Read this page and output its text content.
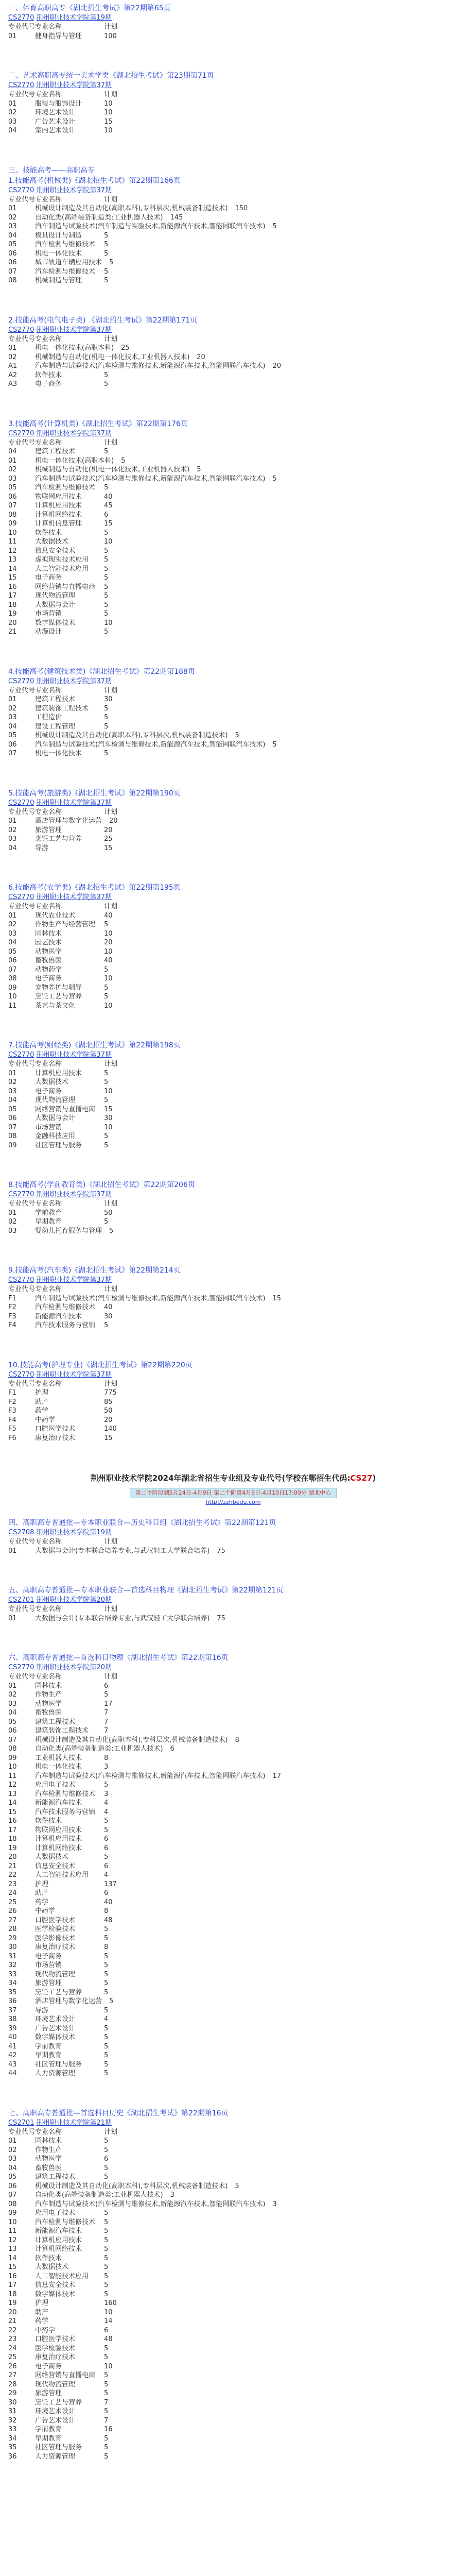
一、体育高职高专《湖北招生考试》第22期第65页
CS2770 荆州职业技术学院第19期
专业代号 专业名称	计划
01	健身指导与管理	100
二、艺术高职高专统一美术学类《湖北招生考试》第23期第71页
CS2770 荆州职业技术学院第37期
专业代号 专业名称	计划
01	服装与服饰设计	10
02	环境艺术设计	10
03	广告艺术设计	15
04	室内艺术设计	10
三、技能高考——高职高专
1.技能高考(机械类)《湖北招生考试》第22期第166页
CS2770 荆州职业技术学院第37期
专业代号 专业名称	计划
01	机械设计制造及其自动化(高职本科),专科层次,机械装备制造技术) 150
02	自动化类(高端装备制造类:工业机器人技术) 145
03	汽车制造与试验技术(汽车制造与实验技术,新能源汽车技术,智能网联汽车技术) 5
04	模具设计与制造	5
05	汽车检测与维修技术 5
06	机电一体化技术	5
06	城市轨道车辆应用技术 5
07	汽车检测与维修技术 5
08	机械制造与管理	5
2.技能高考(电气电子类) 《湖北招生考试》第22期第171页
CS2770 荆州职业技术学院第37期
专业代号 专业名称	计划
01	机电一体化技术(高职本科) 25
02	机械制造与自动化(机电一体化技术,工业机器人技术) 20
A1	汽车制造与试验技术(汽车检测与维修技术,新能源汽车技术,智能网联汽车技术) 20
A2	软件技术	5
A3	电子商务	5
3.技能高考(计算机类)《湖北招生考试》第22期第176页
CS2770 荆州职业技术学院第37期
专业代号 专业名称	计划
04	建筑工程技术	5
01	机电一体化技术(高职本科) 5
02	机械制造与自动化(机电一体化技术,工业机器人技术) 5
03	汽车制造与试验技术(汽车检测与维修技术,新能源汽车技术,智能网联汽车技术) 5
05	汽车检测与维修技术 5
06	物联网应用技术	40
07	计算机应用技术	45
08	计算机网络技术	6
09	计算机信息管理	15
10	软件技术	5
11	大数据技术	10
12	信息安全技术	5
13	虚拟现实技术应用	5
14	人工智能技术应用	5
15	电子商务	5
16	网络营销与直播电商 5
17	现代物流管理	5
18	大数据与会计	5
19	市场营销	5
20	数字媒体技术	10
21	动漫设计	5
4.技能高考(建筑技术类)《湖北招生考试》第22期第188页
CS2770 荆州职业技术学院第37期
专业代号 专业名称	计划
01	建筑工程技术	30
02	建筑装饰工程技术	5
03	工程造价	5
04	建设工程管理	5
05	机械设计制造及其自动化(高职本科),专科层次,机械装备制造技术) 5
06	汽车制造与试验技术(汽车检测与维修技术,新能源汽车技术,智能网联汽车技术) 5
07	机电一体化技术	5
5.技能高考(旅游类)《湖北招生考试》第22期第190页
CS2770 荆州职业技术学院第37期
专业代号 专业名称	计划
01	酒店管理与数字化运营 20
02	旅游管理	20
03	烹饪工艺与营养	25
04	导游	15
6.技能高考(农学类)《湖北招生考试》第22期第195页
CS2770 荆州职业技术学院第37期
专业代号 专业名称	计划
01	现代农业技术	40
02	作物生产与经营管理 5
03	园林技术	10
04	园艺技术	20
05	动物医学	10
06	畜牧兽医	40
07	动物药学	5
08	电子商务	10
09	宠物养护与驯导	5
10	烹饪工艺与营养	5
11	茶艺与茶文化	10
7.技能高考(财经类)《湖北招生考试》第22期第198页
CS2770 荆州职业技术学院第37期
专业代号 专业名称	计划
01	计算机应用技术	5
02	大数据技术	5
03	电子商务	10
04	现代物流管理	5
05	网络营销与直播电商 15
06	大数据与会计	30
07	市场营销	10
08	金融科技应用	5
09	社区管理与服务	5
8.技能高考(学前教育类)《湖北招生考试》第22期第206页
CS2770 荆州职业技术学院第37期
专业代号 专业名称	计划
01	学前教育	50
02	早期教育	5
03	婴幼儿托育服务与管理 5
9.技能高考(汽车类)《湖北招生考试》第22期第214页
CS2770 荆州职业技术学院第37期
专业代号 专业名称	计划
F1	汽车制造与试验技术(汽车检测与维修技术,新能源汽车技术,智能网联汽车技术) 15
F2	汽车检测与维修技术 40
F3	新能源汽车技术	30
F4	汽车技术服务与营销 5
10.技能高考(护理专业)《湖北招生考试》第22期第220页
CS2770 荆州职业技术学院第37期
专业代号 专业名称	计划
F1	护理	775
F2	助产	85
F3	药学	50
F4	中药学	20
F5	口腔医学技术	140
F6	康复治疗技术	15
荆州职业技术学院2024年湖北省招生专业组及专业代号(学校在鄂招生代码:CS27)
第二个阶段到5月24日-4月9日 第二个阶段4月9日-4月10日17:00分 湖北中心 http://zzhbedu.com
四、高职高专普通批—专本职业联合—历史科目组《湖北招生考试》第22期第121页
CS2708 荆州职业技术学院第19期
专业代号 专业名称	计划
01	大数据与会计(专本联合培养专业,与武汉轻工大学联合培养) 75
五、高职高专普通批—专本职业联合—首选科目物理《湖北招生考试》第22期第121页
CS2701 荆州职业技术学院第20期
专业代号 专业名称	计划
01	大数据与会计(专本联合培养专业,与武汉轻工大学联合培养) 75
六、高职高专普通批—首选科目物理《湖北招生考试》第22期第16页
CS2770 荆州职业技术学院第20期
专业代号 专业名称	计划
01	园林技术	6
02	作物生产	5
03	动物医学	17
04	畜牧兽医	7
05	建筑工程技术	7
06	建筑装饰工程技术	7
07	机械设计制造及其自动化(高职本科),专科层次,机械装备制造技术) 8
08	自动化类(高端装备制造类:工业机器人技术) 6
09	工业机器人技术	8
10	机电一体化技术	3
11	汽车制造与试验技术(汽车检测与维修技术,新能源汽车技术,智能网联汽车技术) 17
12	应用电子技术	5
13	汽车检测与维修技术 3
14	新能源汽车技术	4
15	汽车技术服务与营销 4
16	软件技术	5
17	物联网应用技术	5
18	计算机应用技术	6
19	计算机网络技术	6
20	大数据技术	5
21	信息安全技术	6
22	人工智能技术应用	4
23	护理	137
24	助产	6
25	药学	40
26	中药学	8
27	口腔医学技术	48
28	医学检验技术	5
29	医学影像技术	5
30	康复治疗技术	8
31	电子商务	5
32	市场营销	5
33	现代物流管理	5
34	旅游管理	5
35	烹饪工艺与营养	5
36	酒店管理与数字化运营 5
37	导游	5
38	环境艺术设计	4
39	广告艺术设计	5
40	数字媒体技术	5
41	学前教育	5
42	早期教育	5
43	社区管理与服务	5
44	人力资源管理	5
七、高职高专普通批—首选科目历史《湖北招生考试》第22期第16页
CS2701 荆州职业技术学院第21期
专业代号 专业名称	计划
01	园林技术	5
02	作物生产	5
03	动物医学	6
04	畜牧兽医	5
05	建筑工程技术	5
06	机械设计制造及其自动化(高职本科),专科层次,机械装备制造技术) 5
07	自动化类(高端装备制造类:工业机器人技术) 3
08	汽车制造与试验技术(汽车检测与维修技术,新能源汽车技术,智能网联汽车技术) 3
09	应用电子技术	5
10	汽车检测与维修技术 5
11	新能源汽车技术	5
12	计算机应用技术	5
13	计算机网络技术	5
14	软件技术	5
15	大数据技术	5
16	人工智能技术应用	5
17	信息安全技术	5
18	数字媒体技术	5
19	护理	160
20	助产	10
21	药学	14
22	中药学	6
23	口腔医学技术	48
24	医学检验技术	5
25	康复治疗技术	5
26	电子商务	10
27	网络营销与直播电商 5
28	现代物流管理	5
29	旅游管理	5
30	烹饪工艺与营养	7
31	环境艺术设计	5
32	广告艺术设计	7
33	学前教育	16
34	早期教育	5
35	社区管理与服务	5
36	人力资源管理	5
